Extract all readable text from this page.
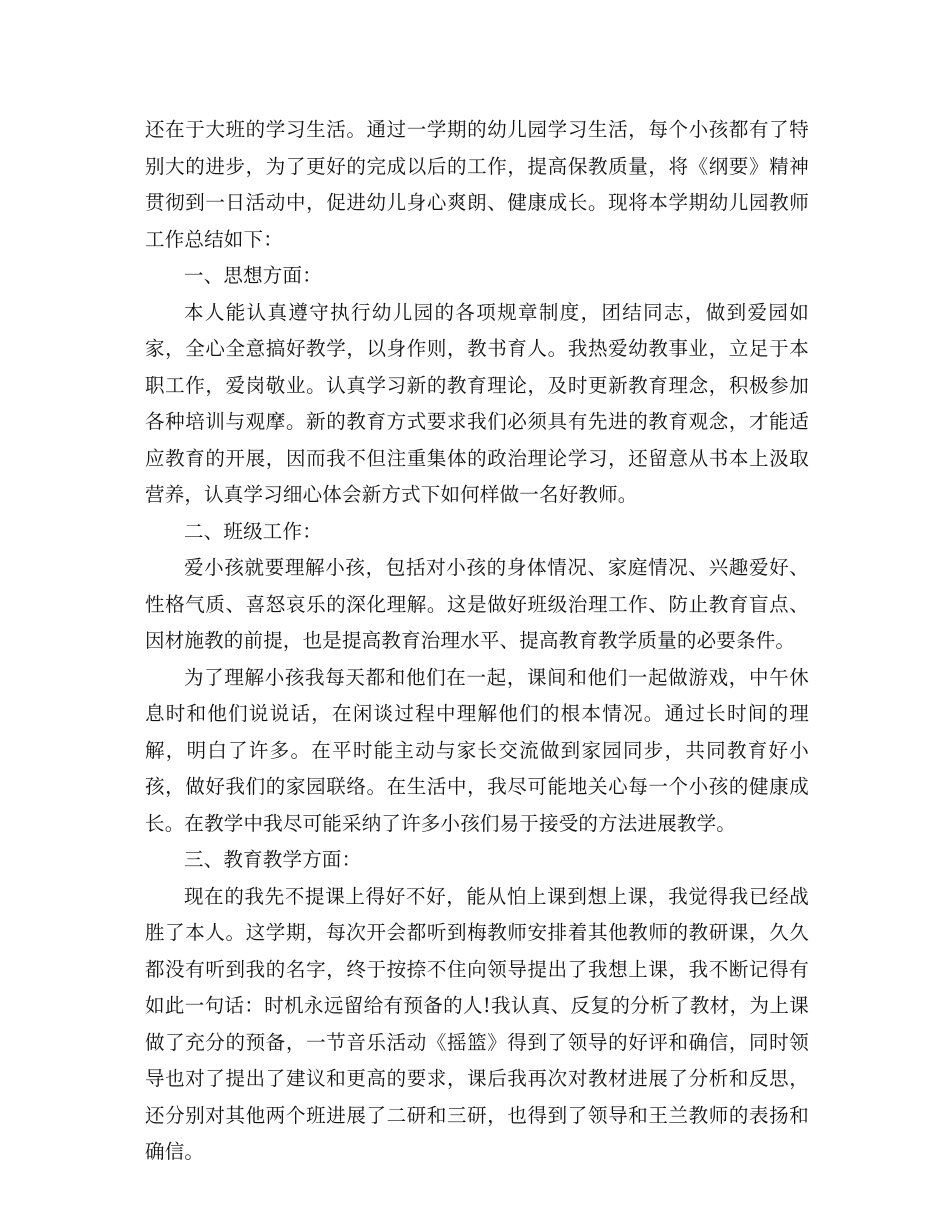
还在于大班的学习生活。通过一学期的幼儿园学习生活，每个小孩都有了特别大的进步，为了更好的完成以后的工作，提高保教质量，将《纲要》精神贯彻到一日活动中，促进幼儿身心爽朗、健康成长。现将本学期幼儿园教师工作总结如下：

一、思想方面：

本人能认真遵守执行幼儿园的各项规章制度，团结同志，做到爱园如家，全心全意搞好教学，以身作则，教书育人。我热爱幼教事业，立足于本职工作，爱岗敬业。认真学习新的教育理论，及时更新教育理念，积极参加各种培训与观摩。新的教育方式要求我们必须具有先进的教育观念，才能适应教育的开展，因而我不但注重集体的政治理论学习，还留意从书本上汲取营养，认真学习细心体会新方式下如何样做一名好教师。

二、班级工作：

爱小孩就要理解小孩，包括对小孩的身体情况、家庭情况、兴趣爱好、性格气质、喜怒哀乐的深化理解。这是做好班级治理工作、防止教育盲点、因材施教的前提，也是提高教育治理水平、提高教育教学质量的必要条件。

为了理解小孩我每天都和他们在一起，课间和他们一起做游戏，中午休息时和他们说说话，在闲谈过程中理解他们的根本情况。通过长时间的理解，明白了许多。在平时能主动与家长交流做到家园同步，共同教育好小孩，做好我们的家园联络。在生活中，我尽可能地关心每一个小孩的健康成长。在教学中我尽可能采纳了许多小孩们易于接受的方法进展教学。

三、教育教学方面：

现在的我先不提课上得好不好，能从怕上课到想上课，我觉得我已经战胜了本人。这学期，每次开会都听到梅教师安排着其他教师的教研课，久久都没有听到我的名字，终于按捺不住向领导提出了我想上课，我不断记得有如此一句话：时机永远留给有预备的人!我认真、反复的分析了教材，为上课做了充分的预备，一节音乐活动《摇篮》得到了领导的好评和确信，同时领导也对了提出了建议和更高的要求，课后我再次对教材进展了分析和反思，还分别对其他两个班进展了二研和三研，也得到了领导和王兰教师的表扬和确信。
